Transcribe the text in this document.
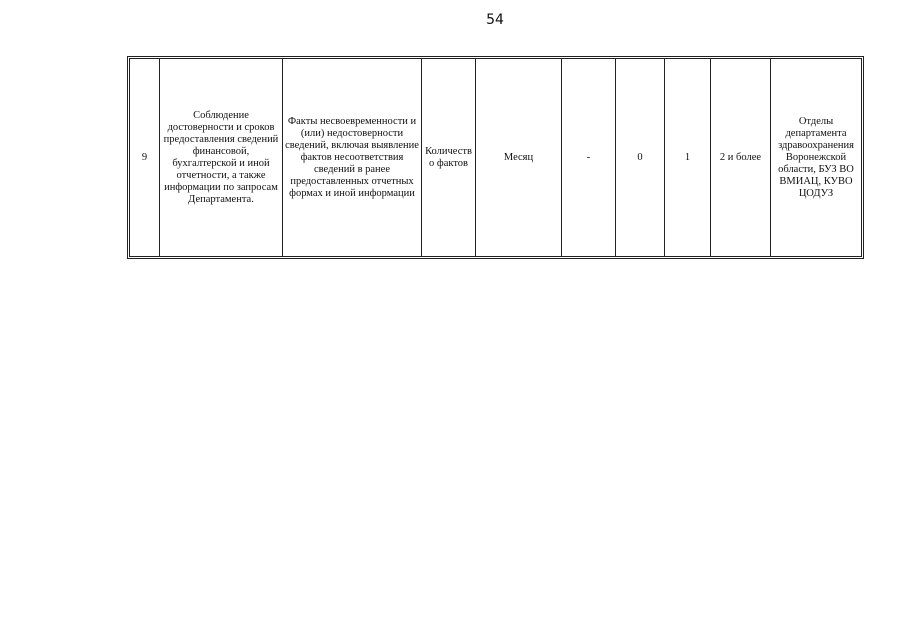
54
9	Соблюдение достоверности и сроков предоставления сведений финансовой, бухгалтерской и иной отчетности, а также информации по запросам Департамента.	Факты несвоевременности и (или) недостоверности сведений, включая выявление фактов несоответствия сведений в ранее предоставленных отчетных формах и иной информации	Количество фактов	Месяц	-	0	1	2 и более	Отделы департамента здравоохранения Воронежской области, БУЗ ВО ВМИАЦ, КУВО ЦОДУЗ
